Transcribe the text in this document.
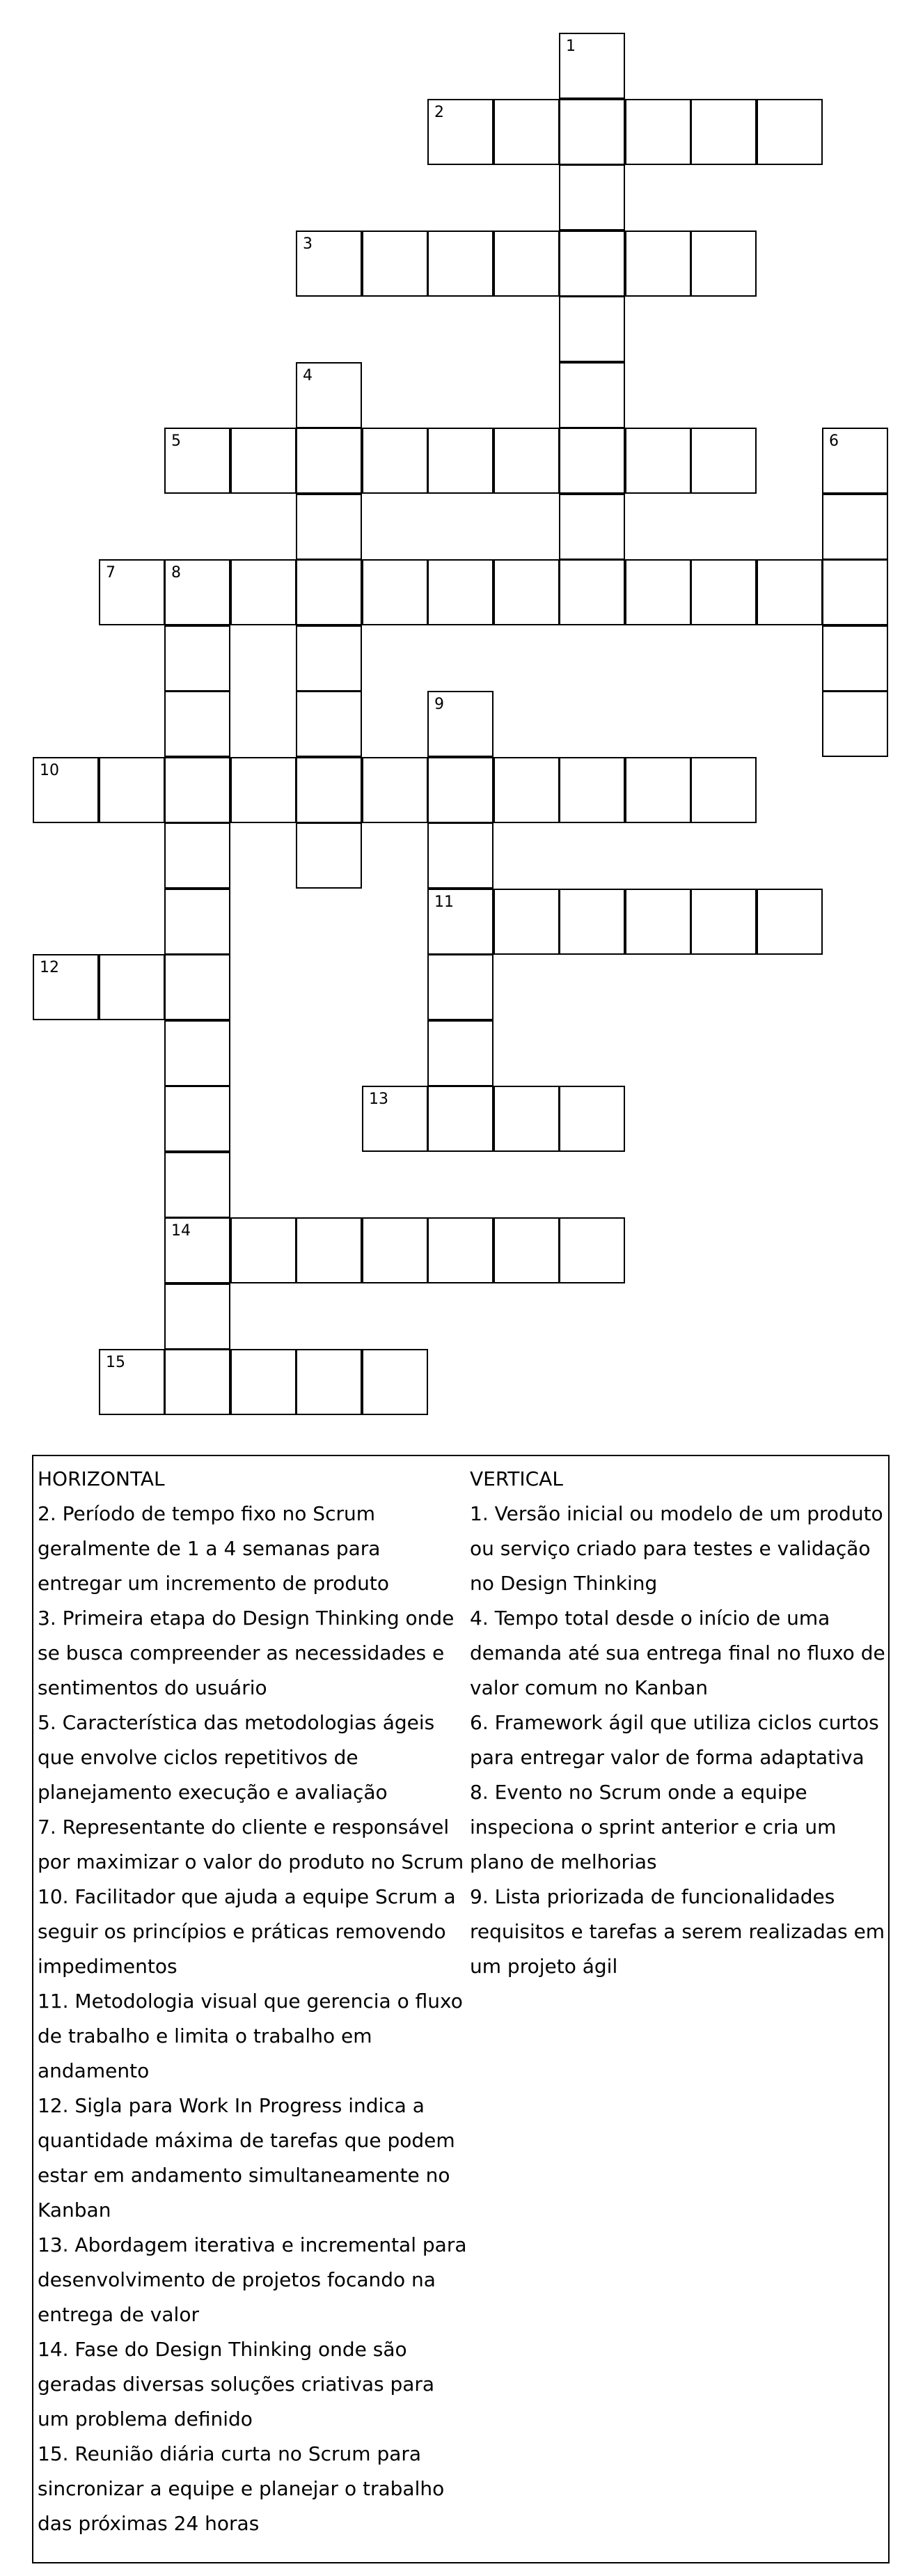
1
2
3
4
5	6
7	8
9
10
11
12
13
14
15
HORIZONTAL
2. Período de tempo fixo no Scrum geralmente de 1 a 4 semanas para entregar um incremento de produto
3. Primeira etapa do Design Thinking onde se busca compreender as necessidades e sentimentos do usuário
5. Característica das metodologias ágeis que envolve ciclos repetitivos de planejamento execução e avaliação
7. Representante do cliente e responsável por maximizar o valor do produto no Scrum
10. Facilitador que ajuda a equipe Scrum a seguir os princípios e práticas removendo impedimentos
11. Metodologia visual que gerencia o fluxo de trabalho e limita o trabalho em andamento
12. Sigla para Work In Progress indica a quantidade máxima de tarefas que podem estar em andamento simultaneamente no Kanban
13. Abordagem iterativa e incremental para desenvolvimento de projetos focando na entrega de valor
14. Fase do Design Thinking onde são geradas diversas soluções criativas para um problema definido
15. Reunião diária curta no Scrum para sincronizar a equipe e planejar o trabalho das próximas 24 horas
VERTICAL
1. Versão inicial ou modelo de um produto ou serviço criado para testes e validação no Design Thinking
4. Tempo total desde o início de uma demanda até sua entrega final no fluxo de valor comum no Kanban
6. Framework ágil que utiliza ciclos curtos para entregar valor de forma adaptativa
8. Evento no Scrum onde a equipe inspeciona o sprint anterior e cria um plano de melhorias
9. Lista priorizada de funcionalidades requisitos e tarefas a serem realizadas em um projeto ágil
